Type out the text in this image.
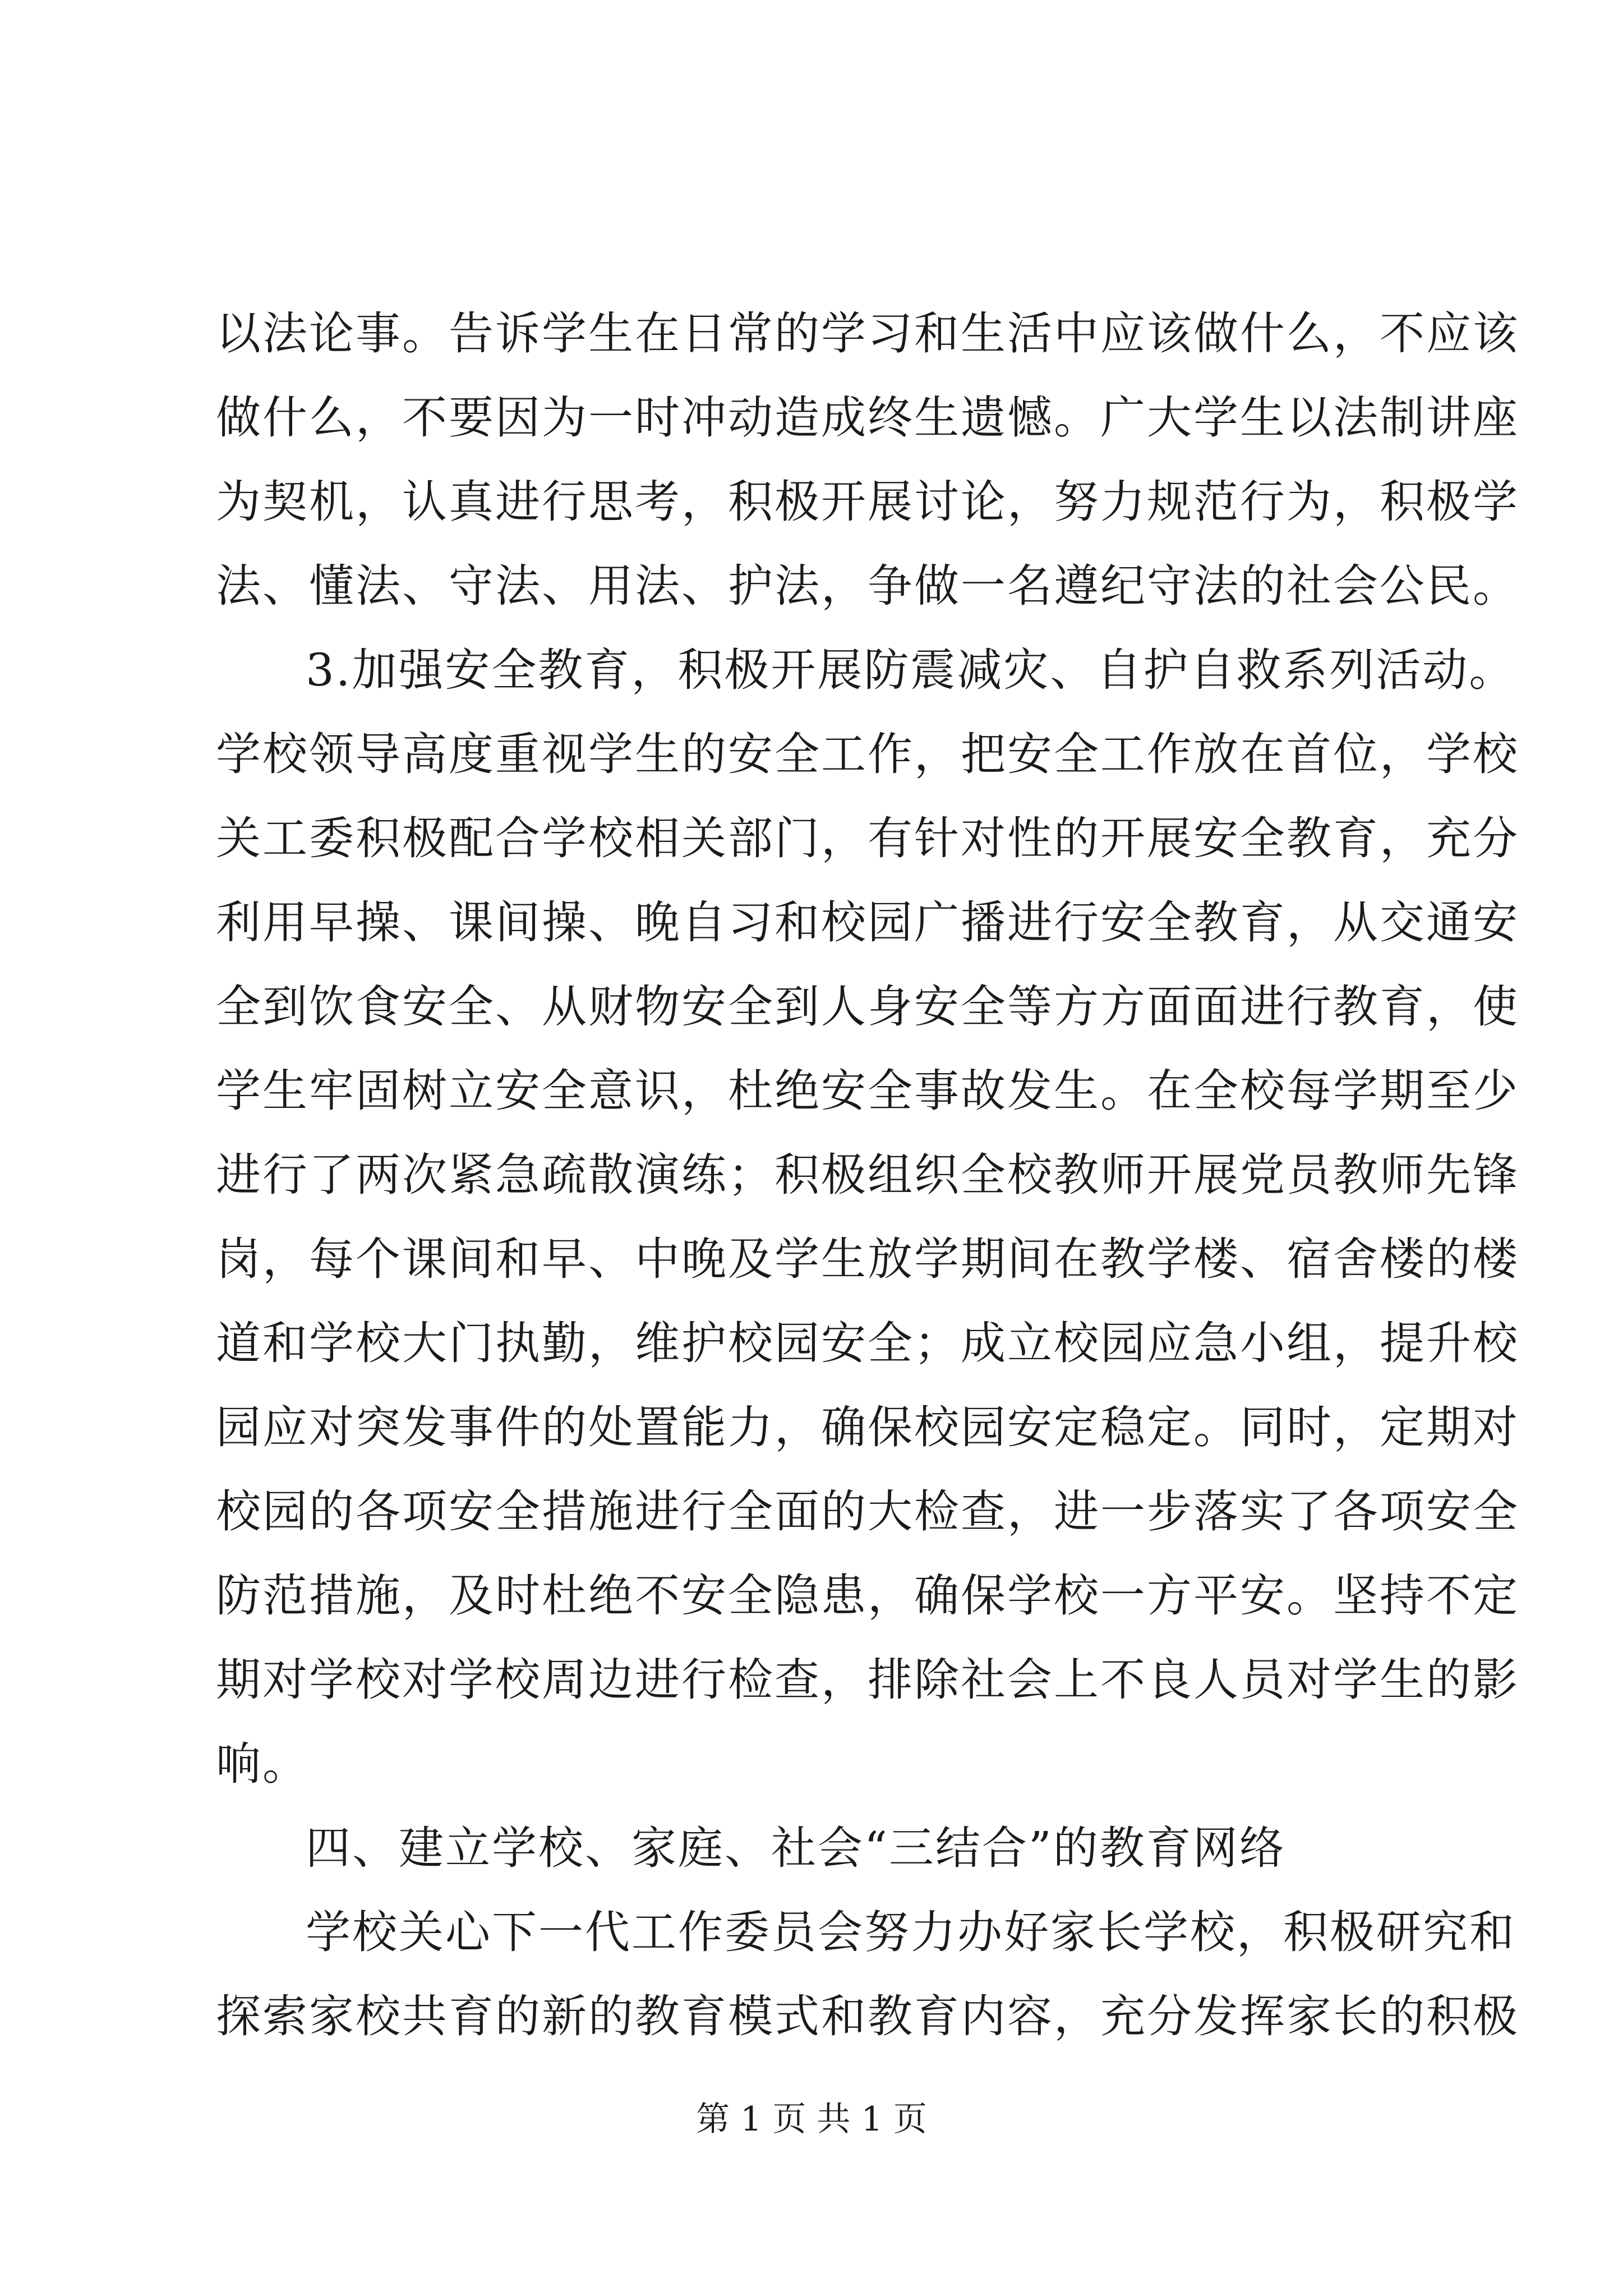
以法论事。告诉学生在日常的学习和生活中应该做什么，不应该
做什么，不要因为一时冲动造成终生遗憾。广大学生以法制讲座
为契机，认真进行思考，积极开展讨论，努力规范行为，积极学
法、懂法、守法、用法、护法，争做一名遵纪守法的社会公民。
3.加强安全教育，积极开展防震减灾、自护自救系列活动。
学校领导高度重视学生的安全工作，把安全工作放在首位，学校
关工委积极配合学校相关部门，有针对性的开展安全教育，充分
利用早操、课间操、晚自习和校园广播进行安全教育，从交通安
全到饮食安全、从财物安全到人身安全等方方面面进行教育，使
学生牢固树立安全意识，杜绝安全事故发生。在全校每学期至少
进行了两次紧急疏散演练；积极组织全校教师开展党员教师先锋
岗，每个课间和早、中晚及学生放学期间在教学楼、宿舍楼的楼
道和学校大门执勤，维护校园安全；成立校园应急小组，提升校
园应对突发事件的处置能力，确保校园安定稳定。同时，定期对
校园的各项安全措施进行全面的大检查，进一步落实了各项安全
防范措施，及时杜绝不安全隐患，确保学校一方平安。坚持不定
期对学校对学校周边进行检查，排除社会上不良人员对学生的影
响。
四、建立学校、家庭、社会“三结合”的教育网络
学校关心下一代工作委员会努力办好家长学校，积极研究和
探索家校共育的新的教育模式和教育内容，充分发挥家长的积极
第 1 页 共 1 页
